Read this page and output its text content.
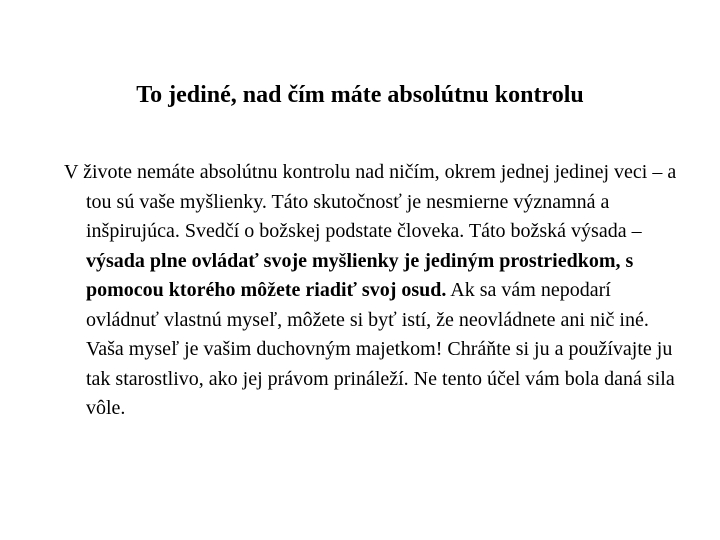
To jediné, nad čím máte absolútnu kontrolu

V živote nemáte absolútnu kontrolu nad ničím, okrem jednej jedinej veci – a tou sú vaše myšlienky. Táto skutočnosť je nesmierne významná a inšpirujúca. Svedčí o božskej podstate človeka. Táto božská výsada – výsada plne ovládať svoje myšlienky je jediným prostriedkom, s pomocou ktorého môžete riadiť svoj osud. Ak sa vám nepodarí ovládnuť vlastnú myseľ, môžete si byť istí, že neovládnete ani nič iné. Vaša myseľ je vašim duchovným majetkom! Chráňte si ju a používajte ju tak starostlivo, ako jej právom prináleží. Ne tento účel vám bola daná sila vôle.
